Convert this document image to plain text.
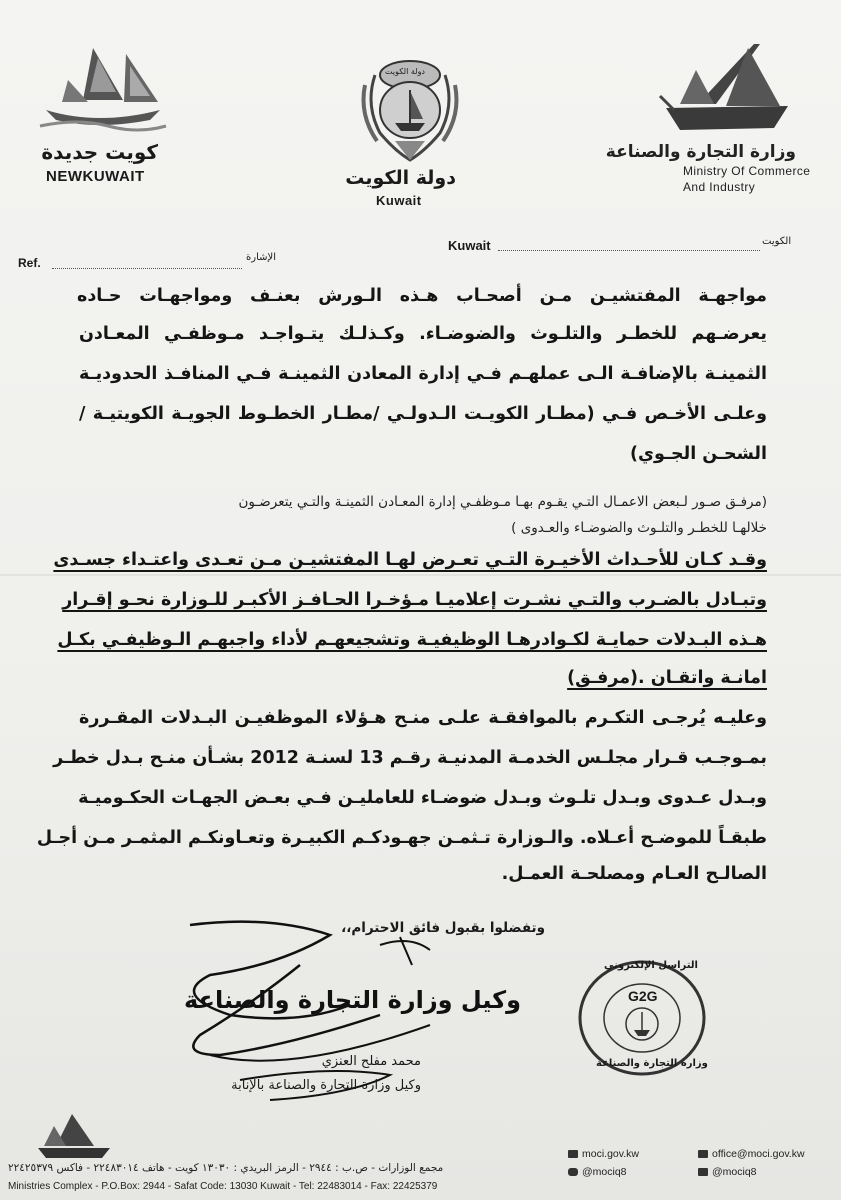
كويت جديدة
NEWKUWAIT
دولة الكويت
دولة الكويت
Kuwait
وزارة التجارة والصناعة
Ministry Of Commerce
And Industry
Ref.	الإشارة
Kuwait	الكويت
مواجهـة المفتشيـن مـن أصحـاب هـذه الـورش بعنـف ومواجهـات حـاده
يعرضـهم للخطـر والتلـوث والضوضـاء. وكـذلـك يتـواجـد مـوظفـي المعـادن
الثمينـة بالإضافـة الـى عملهـم فـي إدارة المعادن الثمينـة فـي المنافـذ الحدوديـة
وعلـى الأخـص فـي (مطـار الكويـت الـدولـي /مطـار الخطـوط الجويـة الكويتيـة /
الشحـن الجـوي)
(مرفـق صـور لـبعض الاعمـال التـي يقـوم بهـا مـوظفـي إدارة المعـادن الثمينـة والتـي يتعرضـون
خلالهـا للخطـر والتلـوث والضوضـاء والعـدوى )
وقـد كـان للأحـداث الأخيـرة التـي تعـرض لهـا المفتشيـن مـن تعـدى واعتـداء جسـدى
وتبـادل بالضـرب والتـي نشـرت إعلاميـا مـؤخـرا الحـافـز الأكبـر للـوزارة نحـو إقـرار
هـذه البـدلات حمايـة لكـوادرهـا الوظيفيـة وتشجيعهـم لأداء واجبهـم الـوظيفـي بكـل
امانـة واتقـان .(مرفـق)
وعليـه يُرجـى التكـرم بالموافقـة علـى منـح هـؤلاء الموظفيـن البـدلات المقـررة
بمـوجـب قـرار مجلـس الخدمـة المدنيـة رقـم 13 لسنـة 2012 بشـأن منـح بـدل خطـر
وبـدل عـدوى وبـدل تلـوث وبـدل ضوضـاء للعامليـن فـي بعـض الجهـات الحكـوميـة
طبقـاً للموضـح أعـلاه. والـوزارة تـثمـن جهـودكـم الكبيـرة وتعـاونكـم المثمـر مـن أجـل
الصالـح العـام ومصلحـة العمـل.
وتفضلوا بقبول فائق الاحترام،،
وكيل وزارة التجارة والصناعة
محمد مفلح العنزي
وكيل وزارة التجارة والصناعة بالإنابة
G2G
التراسل الإلكتروني
وزارة التجارة والصناعة
مجمع الوزارات - ص.ب : ٢٩٤٤ - الرمز البريدي : ١٣٠٣٠ كويت - هاتف ٢٢٤٨٣٠١٤ - فاكس ٢٢٤٢٥٣٧٩
Ministries Complex - P.O.Box: 2944 - Safat Code: 13030 Kuwait - Tel: 22483014 - Fax: 22425379
moci.gov.kw	office@moci.gov.kw
@mociq8	@mociq8
